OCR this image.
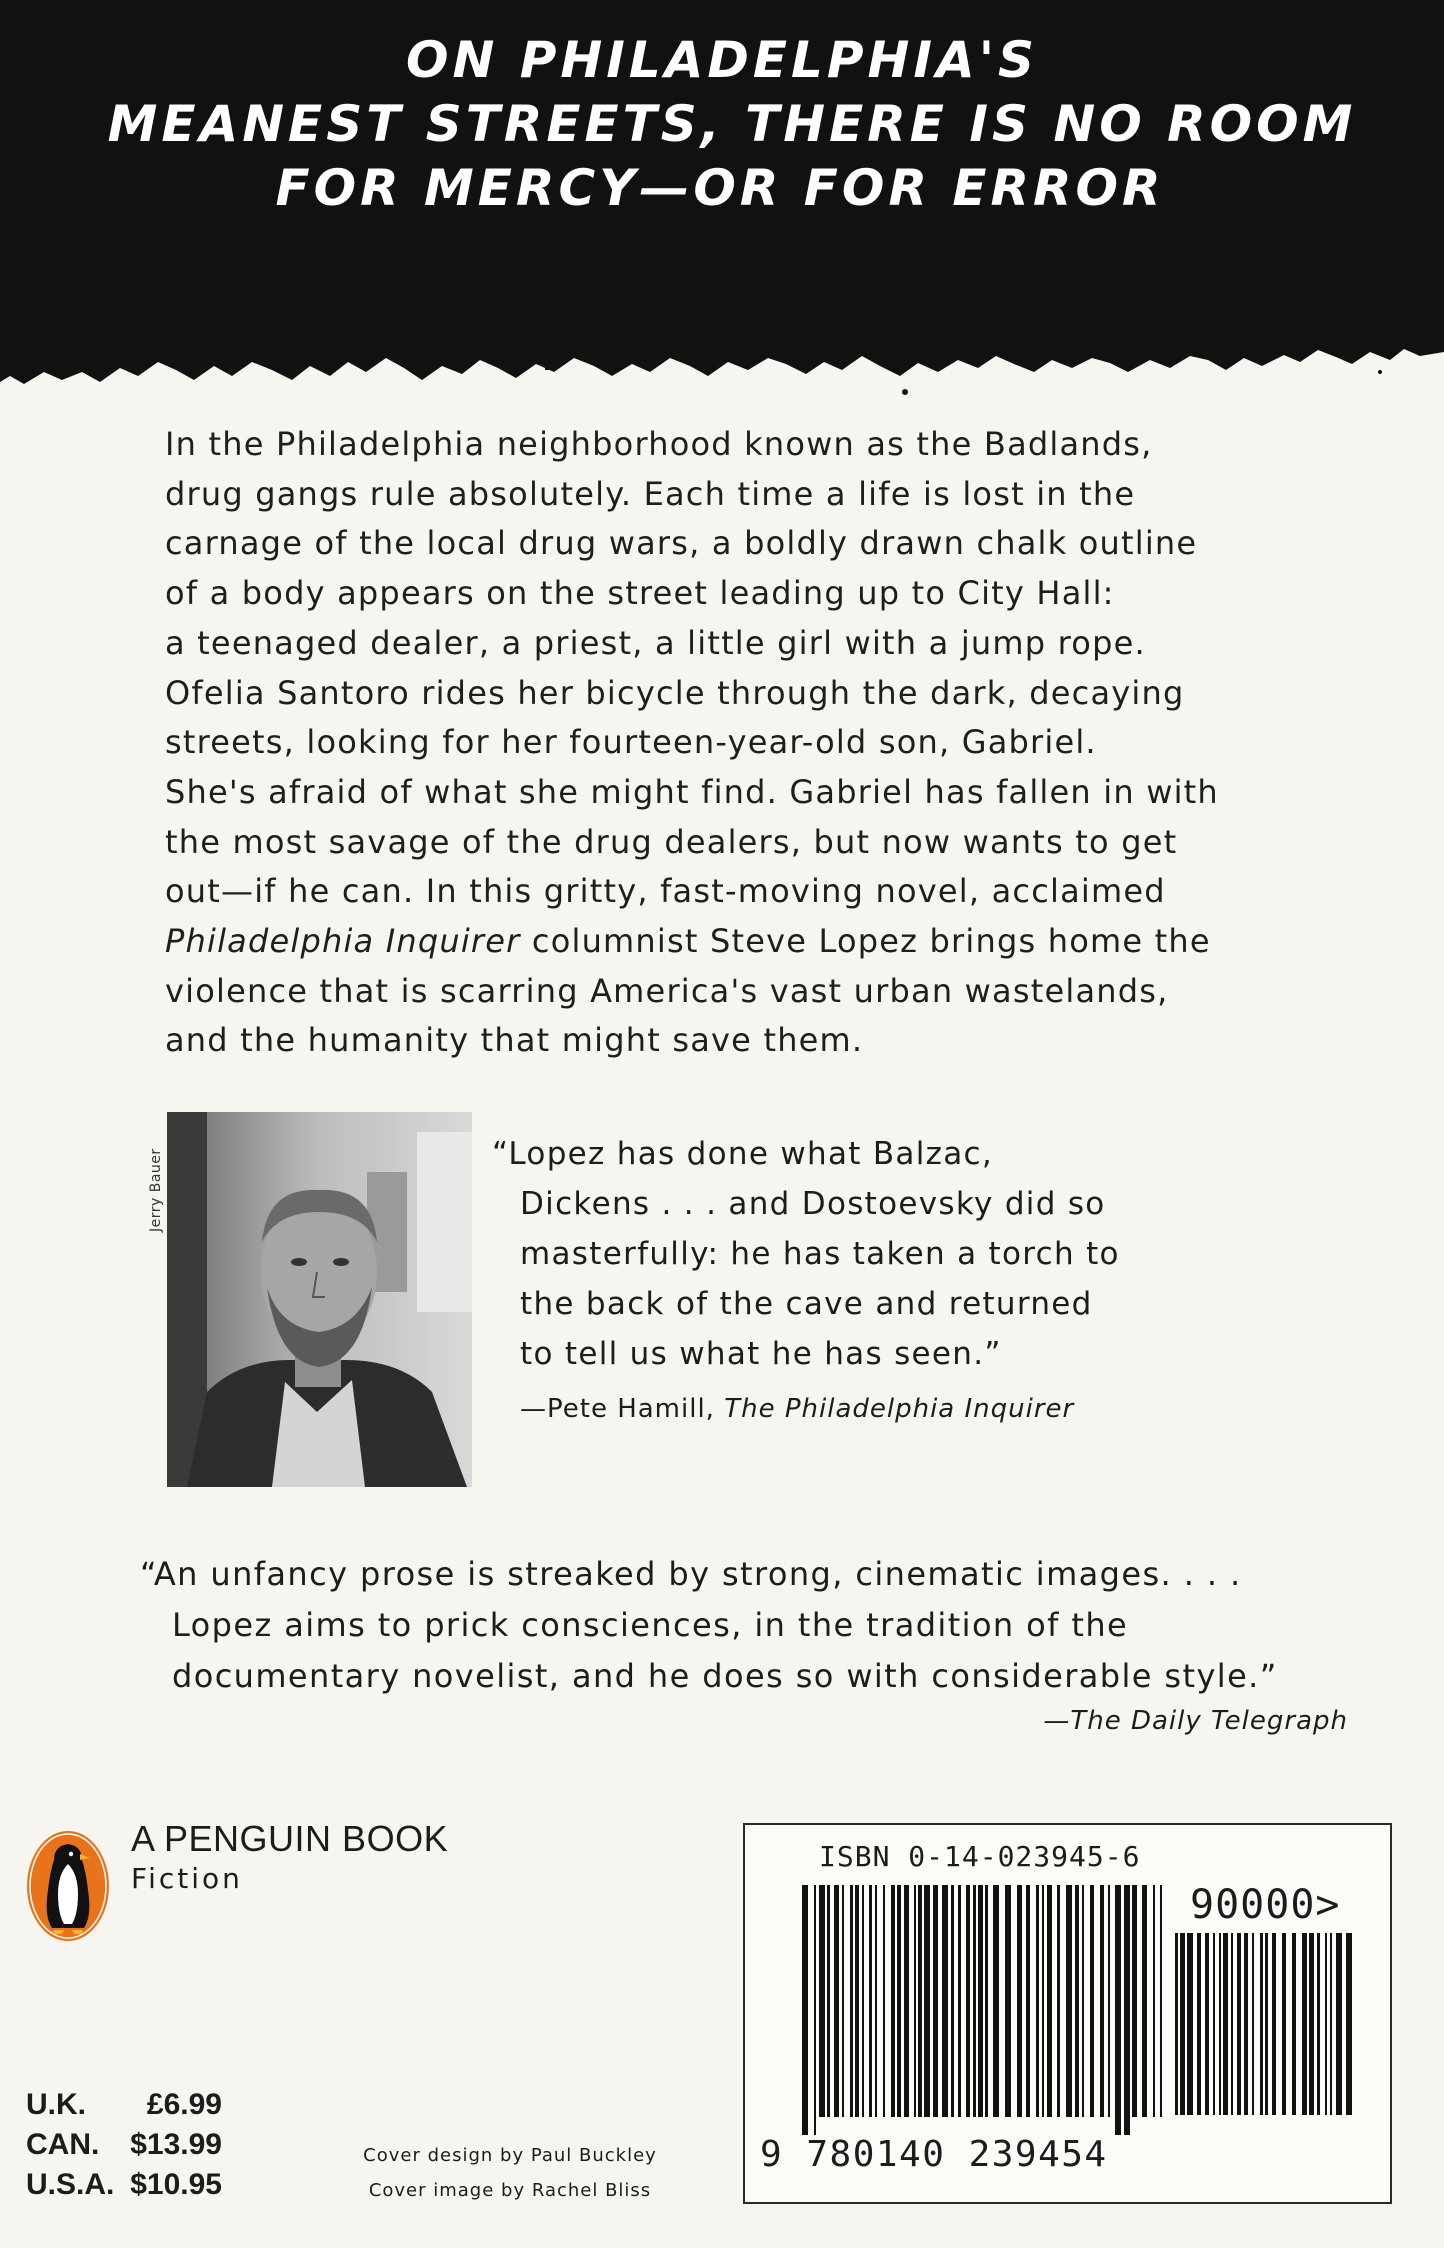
ON PHILADELPHIA'S
MEANEST STREETS, THERE IS NO ROOM
FOR MERCY—OR FOR ERROR
In the Philadelphia neighborhood known as the Badlands,
drug gangs rule absolutely. Each time a life is lost in the
carnage of the local drug wars, a boldly drawn chalk outline
of a body appears on the street leading up to City Hall:
a teenaged dealer, a priest, a little girl with a jump rope.
Ofelia Santoro rides her bicycle through the dark, decaying
streets, looking for her fourteen-year-old son, Gabriel.
She's afraid of what she might find. Gabriel has fallen in with
the most savage of the drug dealers, but now wants to get
out—if he can. In this gritty, fast-moving novel, acclaimed
Philadelphia Inquirer columnist Steve Lopez brings home the
violence that is scarring America's vast urban wastelands,
and the humanity that might save them.
Jerry Bauer	“Lopez has done what Balzac,
Dickens . . . and Dostoevsky did so
masterfully: he has taken a torch to
the back of the cave and returned
to tell us what he has seen.”
—Pete Hamill, The Philadelphia Inquirer
“An unfancy prose is streaked by strong, cinematic images. . . .
Lopez aims to prick consciences, in the tradition of the
documentary novelist, and he does so with considerable style.”
—The Daily Telegraph
A PENGUIN BOOK
Fiction
U.K. £6.99
CAN. $13.99
U.S.A. $10.95
Cover design by Paul Buckley
Cover image by Rachel Bliss
ISBN 0-14-023945-6
90000>
9 780140 239454
